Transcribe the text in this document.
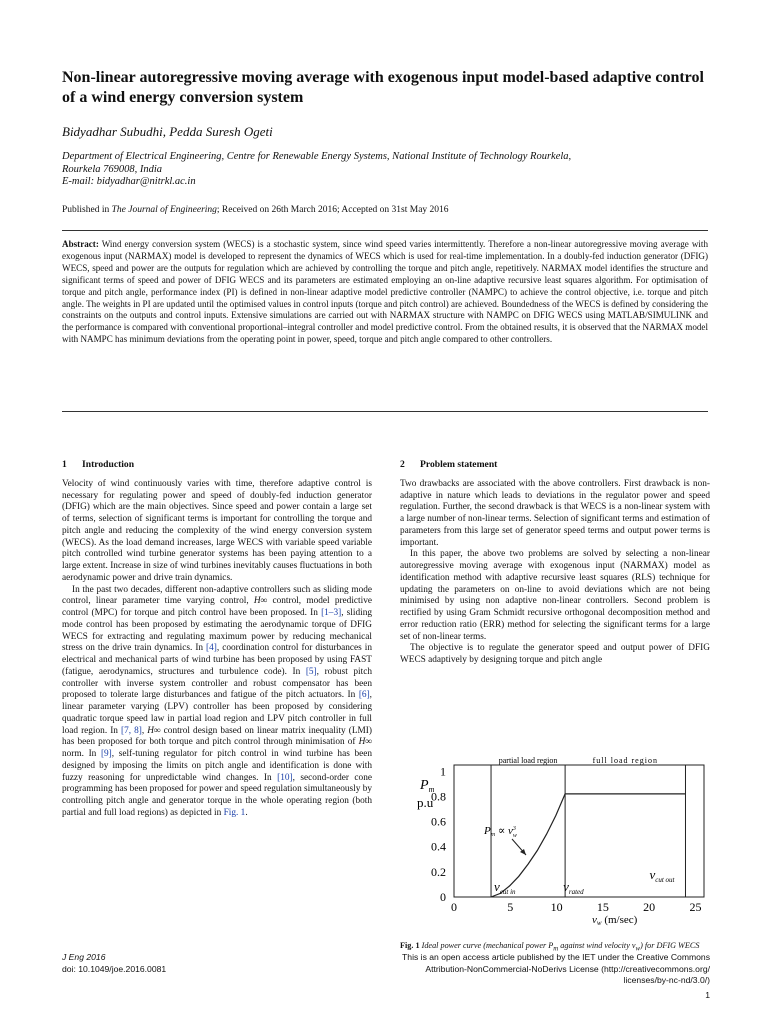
Non-linear autoregressive moving average with exogenous input model-based adaptive control of a wind energy conversion system
Bidyadhar Subudhi, Pedda Suresh Ogeti
Department of Electrical Engineering, Centre for Renewable Energy Systems, National Institute of Technology Rourkela,
Rourkela 769008, India
E-mail: bidyadhar@nitrkl.ac.in
Published in The Journal of Engineering; Received on 26th March 2016; Accepted on 31st May 2016
Abstract: Wind energy conversion system (WECS) is a stochastic system, since wind speed varies intermittently. Therefore a non-linear autoregressive moving average with exogenous input (NARMAX) model is developed to represent the dynamics of WECS which is used for real-time implementation. In a doubly-fed induction generator (DFIG) WECS, speed and power are the outputs for regulation which are achieved by controlling the torque and pitch angle, repetitively. NARMAX model identifies the structure and significant terms of speed and power of DFIG WECS and its parameters are estimated employing an on-line adaptive recursive least squares algorithm. For optimisation of torque and pitch angle, performance index (PI) is defined in non-linear adaptive model predictive controller (NAMPC) to achieve the control objective, i.e. torque and pitch angle. The weights in PI are updated until the optimised values in control inputs (torque and pitch control) are achieved. Boundedness of the WECS is defined by considering the constraints on the outputs and control inputs. Extensive simulations are carried out with NARMAX structure with NAMPC on DFIG WECS using MATLAB/SIMULINK and the performance is compared with conventional proportional–integral controller and model predictive control. From the obtained results, it is observed that the NARMAX model with NAMPC has minimum deviations from the operating point in power, speed, torque and pitch angle compared to other controllers.
1 Introduction

Velocity of wind continuously varies with time, therefore adaptive control is necessary for regulating power and speed of doubly-fed induction generator (DFIG) which are the main objectives. Since speed and power contain a large set of terms, selection of significant terms is important for controlling the torque and pitch angle and reducing the complexity of the wind energy conversion system (WECS). As the load demand increases, large WECS with variable speed variable pitch controlled wind turbine generator systems has been paying attention to a large extent. Increase in size of wind turbines inevitably causes fluctuations in both aerodynamic power and drive train dynamics.

In the past two decades, different non-adaptive controllers such as sliding mode control, linear parameter time varying control, H∞ control, model predictive control (MPC) for torque and pitch control have been proposed. In [1–3], sliding mode control has been proposed by estimating the aerodynamic torque of DFIG WECS for extracting and regulating maximum power by reducing mechanical stress on the drive train dynamics. In [4], coordination control for disturbances in electrical and mechanical parts of wind turbine has been proposed by using FAST (fatigue, aerodynamics, structures and turbulence code). In [5], robust pitch controller with inverse system controller and robust compensator has been proposed to tolerate large disturbances and fatigue of the pitch actuators. In [6], linear parameter varying (LPV) controller has been proposed by considering quadratic torque speed law in partial load region and LPV pitch controller in full load region. In [7, 8], H∞ control design based on linear matrix inequality (LMI) has been proposed for both torque and pitch control through minimisation of H∞ norm. In [9], self-tuning regulator for pitch control in wind turbine has been designed by imposing the limits on pitch angle and identification is done with fuzzy reasoning for unpredictable wind changes. In [10], second-order cone programming has been proposed for power and speed regulation simultaneously by controlling pitch angle and generator torque in the whole operating region (both partial and full load regions) as depicted in Fig. 1.

2 Problem statement

Two drawbacks are associated with the above controllers. First drawback is non-adaptive in nature which leads to deviations in the regulator power and speed regulation. Further, the second drawback is that WECS is a non-linear system with a large number of non-linear terms. Selection of significant terms and estimation of parameters from this large set of generator speed terms and output power terms is important.

In this paper, the above two problems are solved by selecting a non-linear autoregressive moving average with exogenous input (NARMAX) model as identification method with adaptive recursive least squares (RLS) technique for updating the parameters on on-line to avoid deviations which are not being minimised by using non adaptive non-linear controllers. Second problem is rectified by using Gram Schmidt recursive orthogonal decomposition method and error reduction ratio (ERR) method for selecting the significant terms for a large set of non-linear terms.

The objective is to regulate the generator speed and output power of DFIG WECS adaptively by designing torque and pitch angle

0
0.2
0.4
0.6
0.8
1
0	5	10	15	20	25
partial load region	full load region
$P_m$
p.u
$Pm \propto v^3$ w
$v_{cut in}$	$v_{rated}$
$v_{cut out}$
vw (m/sec)
Fig. 1 Ideal power curve (mechanical power $P_m$ against wind velocity $v_w$) for DFIG WECS
J Eng 2016
doi: 10.1049/joe.2016.0081
This is an open access article published by the IET under the Creative Commons
Attribution-NonCommercial-NoDerivs License (http://creativecommons.org/
licenses/by-nc-nd/3.0/)
1
